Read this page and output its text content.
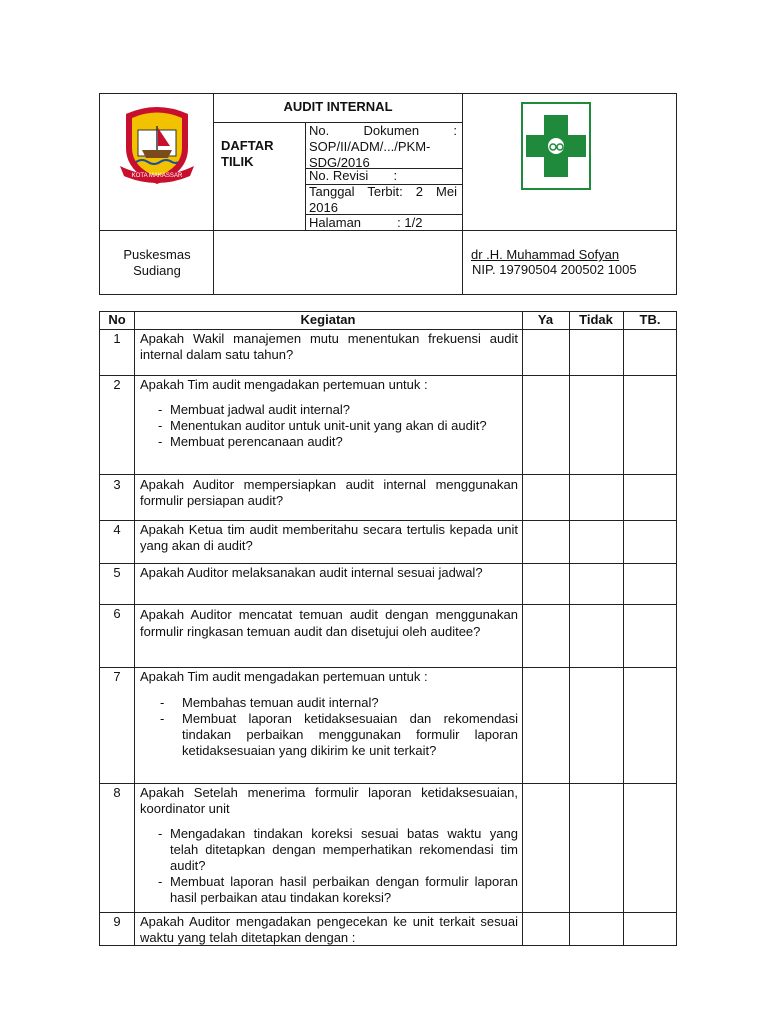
KOTA MAKASSAR
AUDIT INTERNAL
DAFTAR TILIK
No. Dokumen : SOP/II/ADM/.../PKM-SDG/2016
No. Revisi       :
Tanggal Terbit: 2 Mei 2016
Halaman          : 1/2
Puskesmas Sudiang
dr .H. Muhammad Sofyan
NIP. 19790504 200502 1005
No	Kegiatan	Ya	Tidak	TB.
1	Apakah Wakil manajemen mutu menentukan frekuensi audit internal dalam satu tahun?
2	Apakah Tim audit mengadakan pertemuan untuk :
- Membuat jadwal audit internal?
- Menentukan auditor untuk unit-unit yang akan di audit?
- Membuat perencanaan audit?
3	Apakah Auditor mempersiapkan audit internal menggunakan formulir persiapan audit?
4	Apakah Ketua tim audit memberitahu secara tertulis kepada unit yang akan di audit?
5	Apakah Auditor melaksanakan audit internal sesuai jadwal?
6	Apakah Auditor mencatat temuan audit dengan menggunakan formulir ringkasan temuan audit dan disetujui oleh auditee?
7	Apakah Tim audit mengadakan pertemuan untuk :
- Membahas temuan audit internal?
- Membuat laporan ketidaksesuaian dan rekomendasi tindakan perbaikan menggunakan formulir laporan ketidaksesuaian yang dikirim ke unit terkait?
8	Apakah Setelah menerima formulir laporan ketidaksesuaian, koordinator unit
- Mengadakan tindakan koreksi sesuai batas waktu yang telah ditetapkan dengan memperhatikan rekomendasi tim audit?
- Membuat laporan hasil perbaikan dengan formulir laporan hasil perbaikan atau tindakan koreksi?
9	Apakah Auditor mengadakan pengecekan ke unit terkait sesuai waktu yang telah ditetapkan dengan :
